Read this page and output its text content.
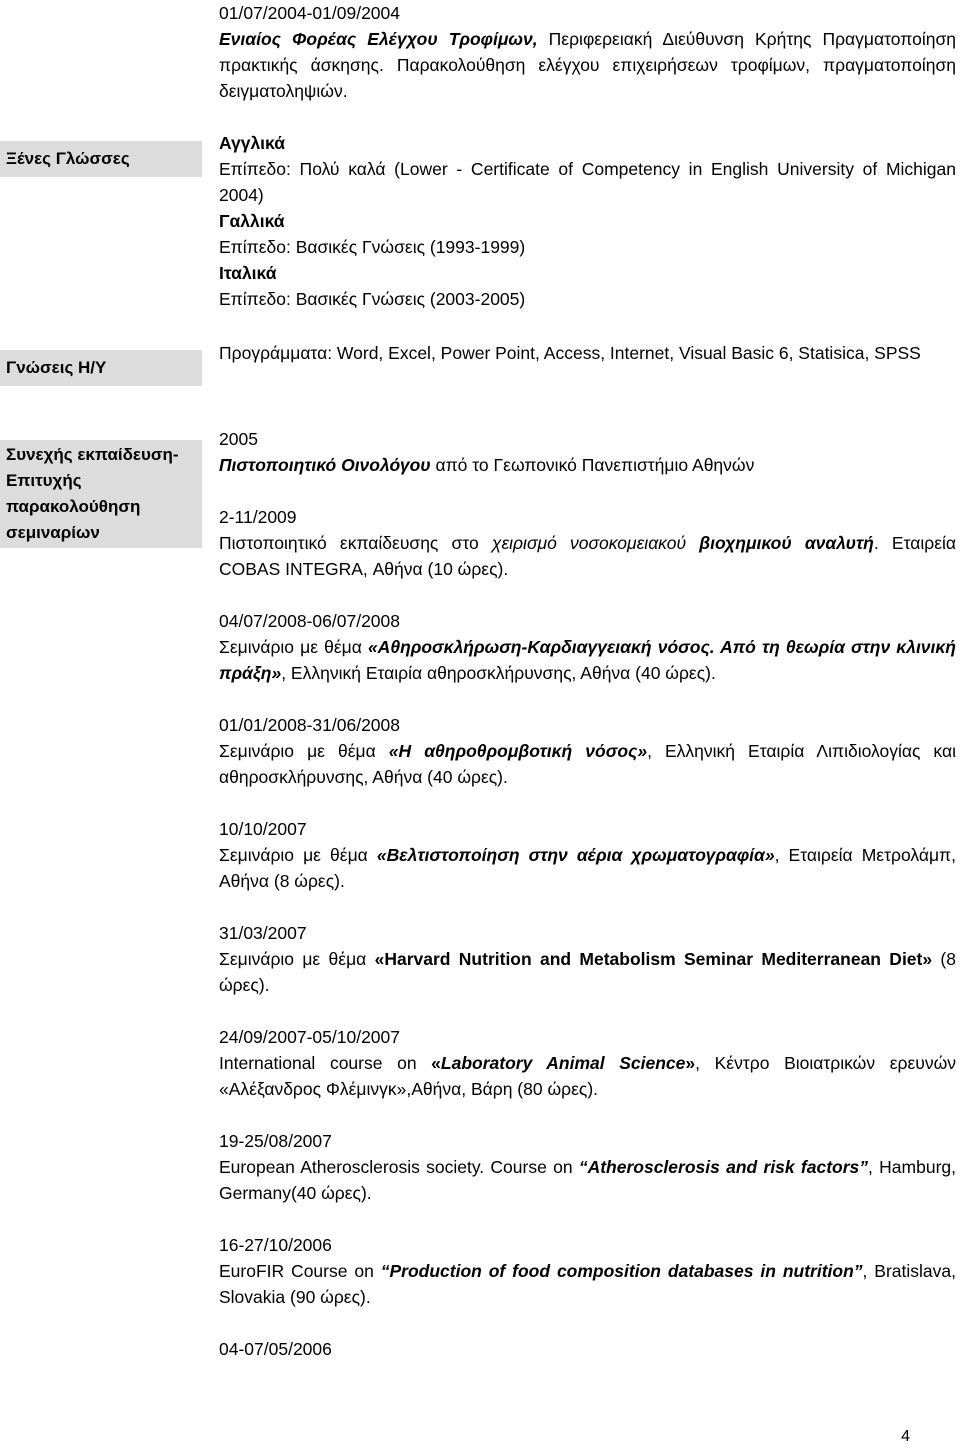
01/07/2004-01/09/2004
Ενιαίος Φορέας Ελέγχου Τροφίμων, Περιφερειακή Διεύθυνση Κρήτης Πραγματοποίηση πρακτικής άσκησης. Παρακολούθηση ελέγχου επιχειρήσεων τροφίμων, πραγματοποίηση δειγματοληψιών.
Ξένες Γλώσσες
Αγγλικά
Επίπεδο: Πολύ καλά (Lower - Certificate of Competency in English University of Michigan 2004)
Γαλλικά
Επίπεδο: Βασικές Γνώσεις (1993-1999)
Ιταλικά
Επίπεδο: Βασικές Γνώσεις (2003-2005)
Γνώσεις Η/Υ
Προγράμματα: Word, Excel, Power Point, Access, Internet, Visual Basic 6, Statisica, SPSS
Συνεχής εκπαίδευση- Επιτυχής παρακολούθηση σεμιναρίων
2005
Πιστοποιητικό Οινολόγου από το Γεωπονικό Πανεπιστήμιο Αθηνών
2-11/2009
Πιστοποιητικό εκπαίδευσης στο χειρισμό νοσοκομειακού βιοχημικού αναλυτή. Εταιρεία COBAS INTEGRA, Αθήνα (10 ώρες).
04/07/2008-06/07/2008
Σεμινάριο με θέμα «Αθηροσκλήρωση-Καρδιαγγειακή νόσος. Από τη θεωρία στην κλινική πράξη», Ελληνική Εταιρία αθηροσκλήρυνσης, Αθήνα (40 ώρες).
01/01/2008-31/06/2008
Σεμινάριο με θέμα «Η αθηροθρομβοτική νόσος», Ελληνική Εταιρία Λιπιδιολογίας και αθηροσκλήρυνσης, Αθήνα (40 ώρες).
10/10/2007
Σεμινάριο με θέμα «Βελτιστοποίηση στην αέρια χρωματογραφία», Εταιρεία Μετρολάμπ, Αθήνα (8 ώρες).
31/03/2007
Σεμινάριο με θέμα «Harvard Nutrition and Metabolism Seminar Mediterranean Diet» (8 ώρες).
24/09/2007-05/10/2007
International course on «Laboratory Animal Science», Κέντρο Βιοιατρικών ερευνών «Αλέξανδρος Φλέμινγκ»,Αθήνα, Βάρη (80 ώρες).
19-25/08/2007
European Atherosclerosis society. Course on “Atherosclerosis and risk factors”, Hamburg, Germany(40 ώρες).
16-27/10/2006
EuroFIR Course on “Production of food composition databases in nutrition”, Bratislava, Slovakia (90 ώρες).
04-07/05/2006
4
